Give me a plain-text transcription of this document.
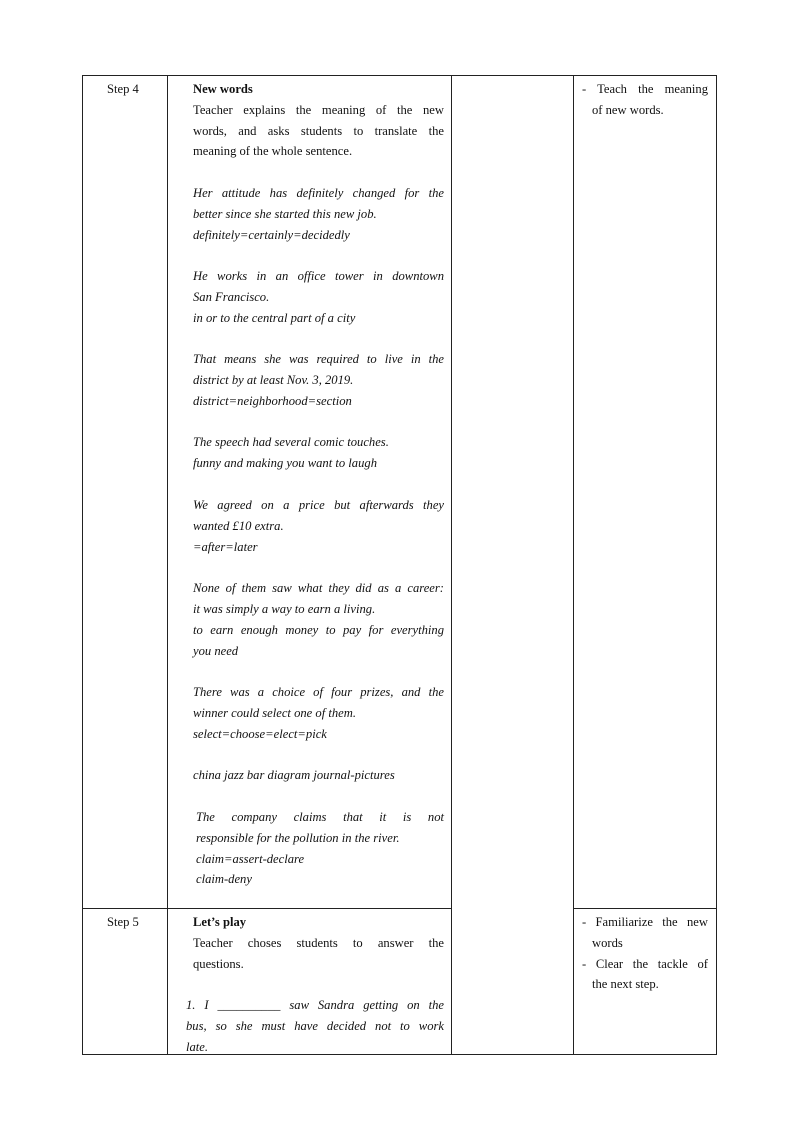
Step 4	New words
Teacher explains the meaning of the new
words, and asks students to translate the
meaning of the whole sentence.
Her attitude has definitely changed for the
better since she started this new job.
definitely=certainly=decidedly
He works in an office tower in downtown
San Francisco.
in or to the central part of a city
That means she was required to live in the
district by at least Nov. 3, 2019.
district=neighborhood=section
The speech had several comic touches.
funny and making you want to laugh
We agreed on a price but afterwards they
wanted £10 extra.
=after=later
None of them saw what they did as a career:
it was simply a way to earn a living.
to earn enough money to pay for everything
you need
There was a choice of four prizes, and the
winner could select one of them.
select=choose=elect=pick
china jazz bar diagram journal-pictures
The company claims that it is not
responsible for the pollution in the river.
claim=assert-declare
claim-deny
- Teach the meaning
of new words.
Step 5	Let’s play
Teacher choses students to answer the
questions.
1. I __________ saw Sandra getting on the
bus, so she must have decided not to work
late.
- Familiarize the new
words
- Clear the tackle of
the next step.
